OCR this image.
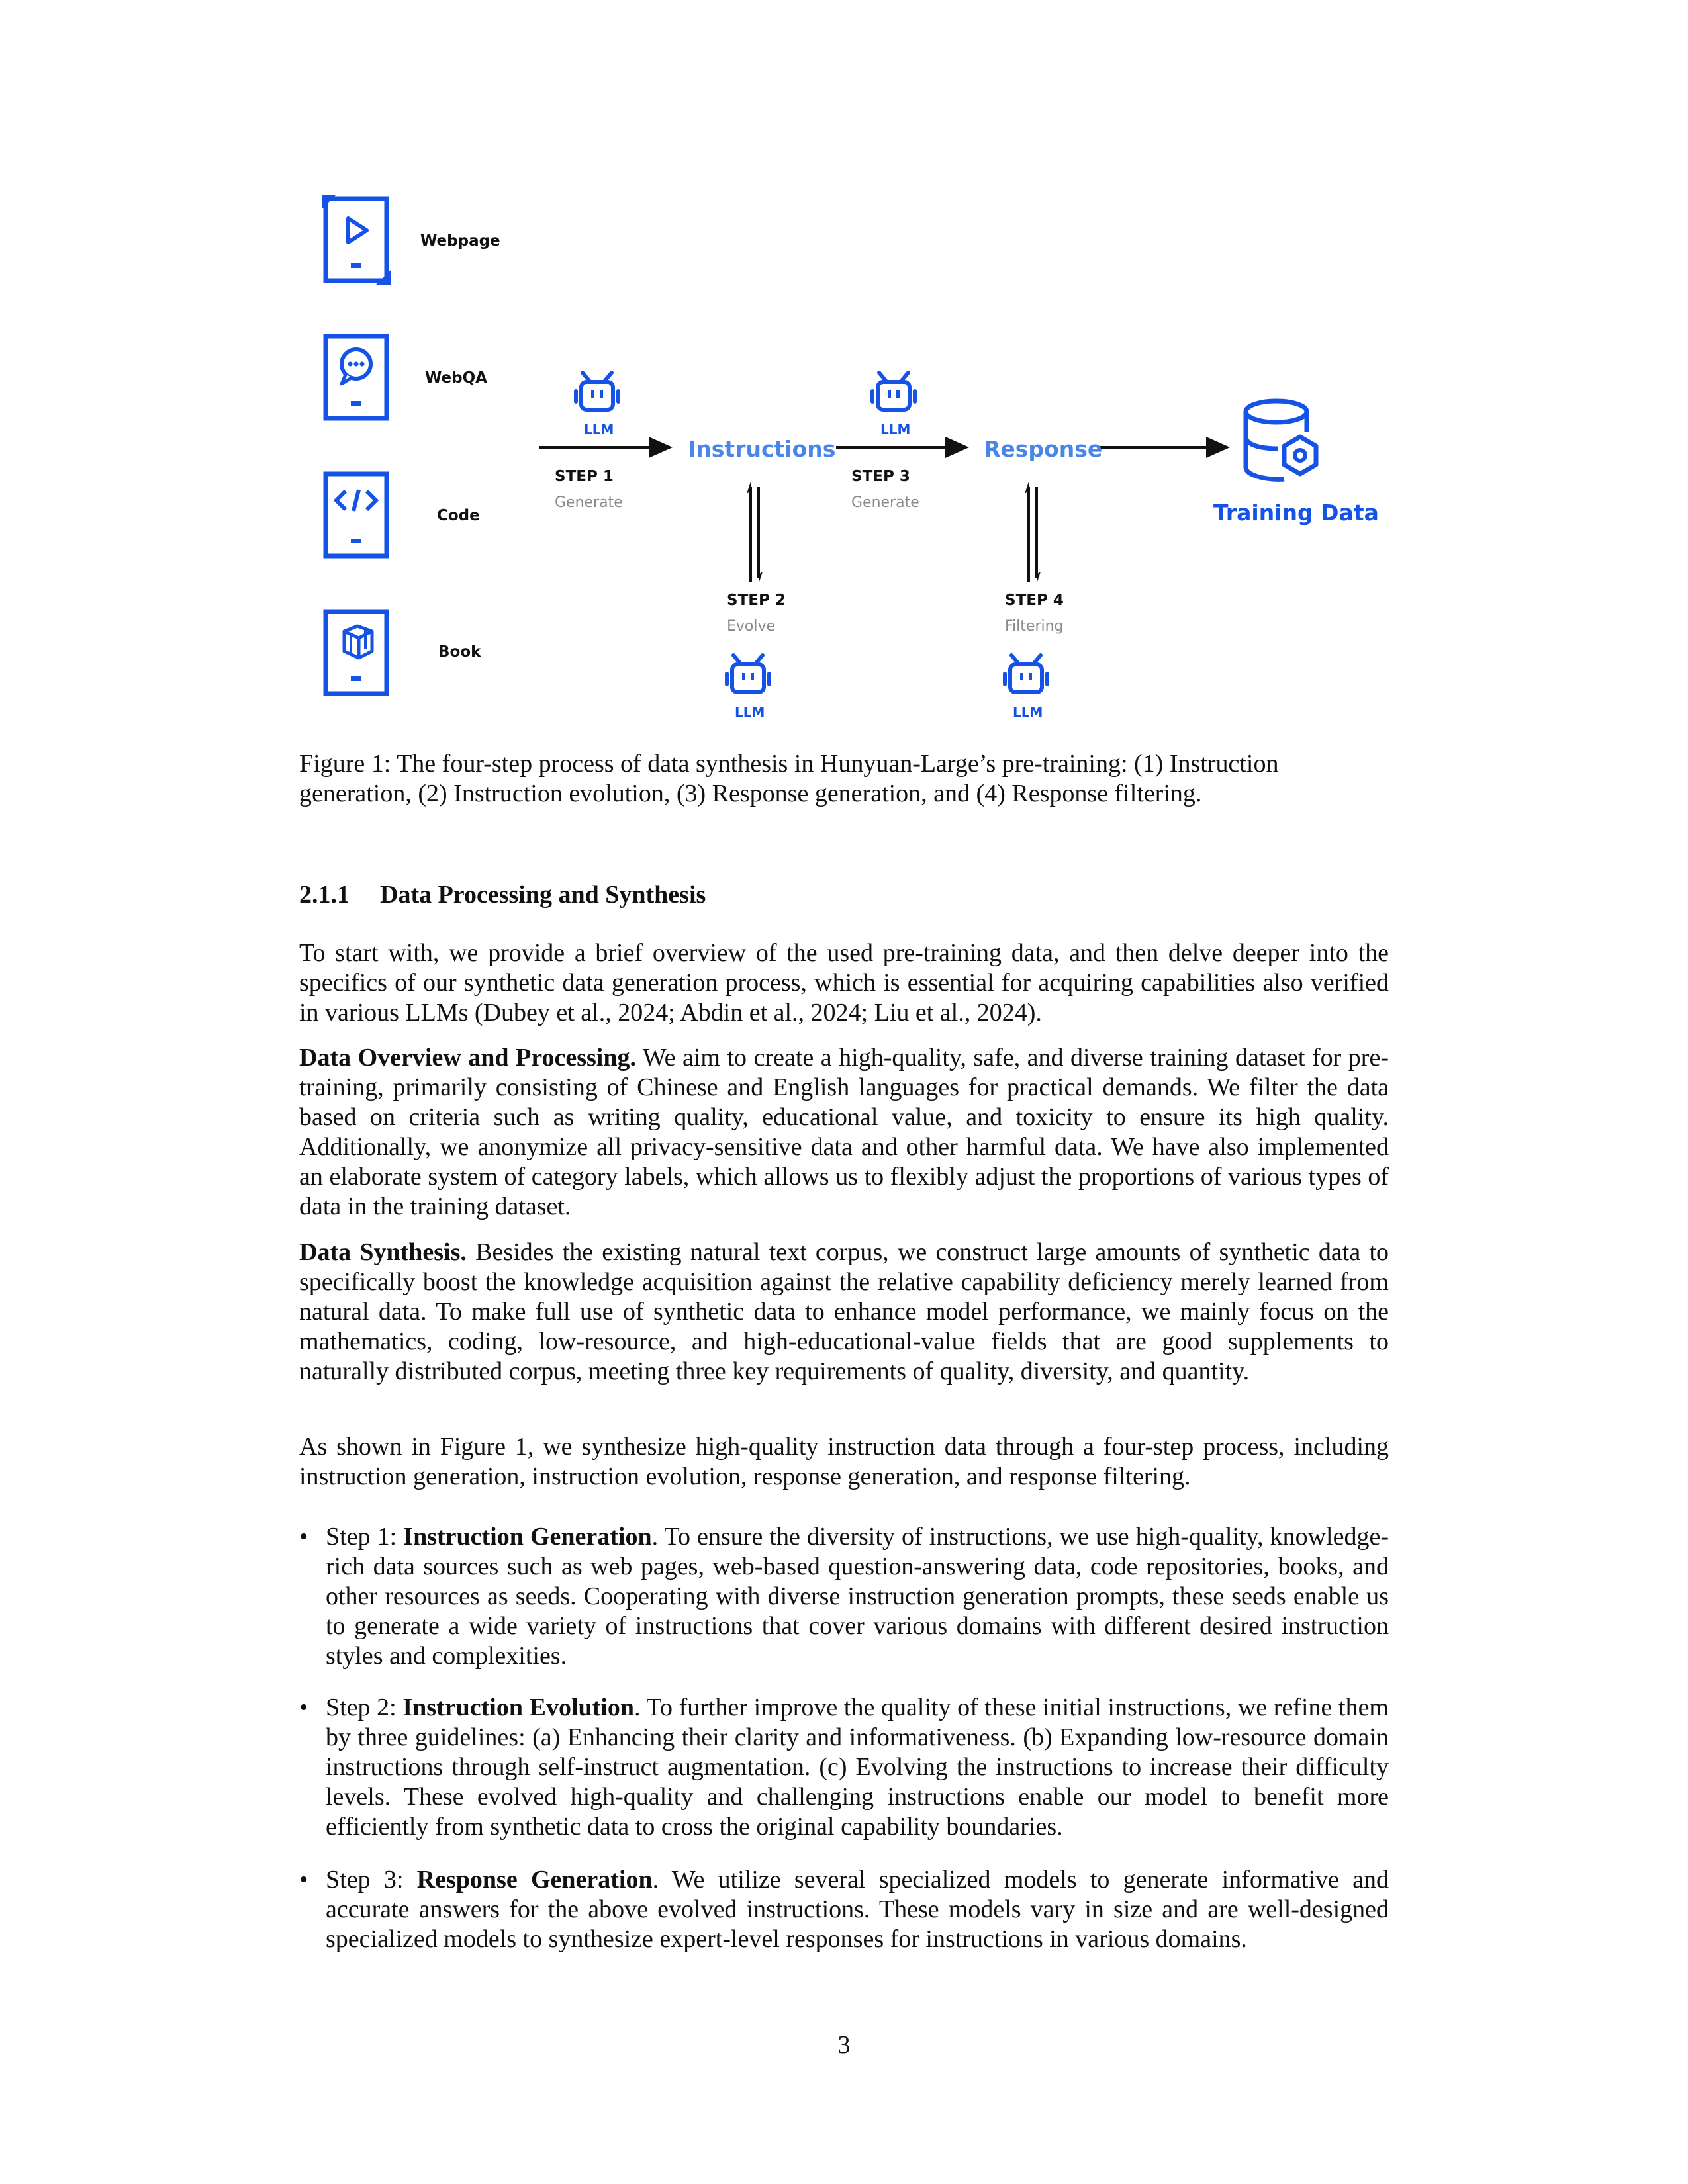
Webpage
WebQA
Code
Book
LLM	LLM
LLM	LLM
Instructions	Response
Training Data
STEP 1
Generate
STEP 3
Generate
STEP 2
Evolve
STEP 4
Filtering
Figure 1: The four-step process of data synthesis in Hunyuan-Large’s pre-training: (1) Instruction generation, (2) Instruction evolution, (3) Response generation, and (4) Response filtering.
2.1.1 Data Processing and Synthesis
To start with, we provide a brief overview of the used pre-training data, and then delve deeper into the specifics of our synthetic data generation process, which is essential for acquiring capabilities also verified in various LLMs (Dubey et al., 2024; Abdin et al., 2024; Liu et al., 2024).
Data Overview and Processing. We aim to create a high-quality, safe, and diverse training dataset for pre-training, primarily consisting of Chinese and English languages for practical demands. We filter the data based on criteria such as writing quality, educational value, and toxicity to ensure its high quality. Additionally, we anonymize all privacy-sensitive data and other harmful data. We have also implemented an elaborate system of category labels, which allows us to flexibly adjust the proportions of various types of data in the training dataset.
Data Synthesis. Besides the existing natural text corpus, we construct large amounts of synthetic data to specifically boost the knowledge acquisition against the relative capability deficiency merely learned from natural data. To make full use of synthetic data to enhance model performance, we mainly focus on the mathematics, coding, low-resource, and high-educational-value fields that are good supplements to naturally distributed corpus, meeting three key requirements of quality, diversity, and quantity.
As shown in Figure 1, we synthesize high-quality instruction data through a four-step process, including instruction generation, instruction evolution, response generation, and response filtering.
• Step 1: Instruction Generation. To ensure the diversity of instructions, we use high-quality, knowledge-rich data sources such as web pages, web-based question-answering data, code repositories, books, and other resources as seeds. Cooperating with diverse instruction generation prompts, these seeds enable us to generate a wide variety of instructions that cover various domains with different desired instruction styles and complexities.
• Step 2: Instruction Evolution. To further improve the quality of these initial instructions, we refine them by three guidelines: (a) Enhancing their clarity and informativeness. (b) Expanding low-resource domain instructions through self-instruct augmentation. (c) Evolving the instructions to increase their difficulty levels. These evolved high-quality and challenging instructions enable our model to benefit more efficiently from synthetic data to cross the original capability boundaries.
• Step 3: Response Generation. We utilize several specialized models to generate informative and accurate answers for the above evolved instructions. These models vary in size and are well-designed specialized models to synthesize expert-level responses for instructions in various domains.
3
